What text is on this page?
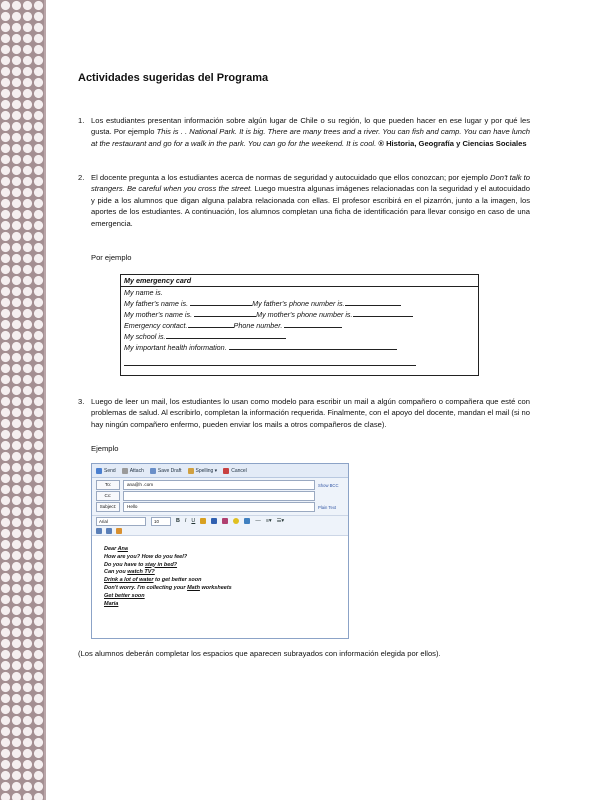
Actividades sugeridas del Programa
1. Los estudiantes presentan información sobre algún lugar de Chile o su región, lo que pueden hacer en ese lugar y por qué les gusta. Por ejemplo This is . . National Park. It is big. There are many trees and a river. You can fish and camp. You can have lunch at the restaurant and go for a walk in the park. You can go for the weekend. It is cool. ® Historia, Geografía y Ciencias Sociales
2. El docente pregunta a los estudiantes acerca de normas de seguridad y autocuidado que ellos conozcan; por ejemplo Don't talk to strangers. Be careful when you cross the street. Luego muestra algunas imágenes relacionadas con la seguridad y el autocuidado y pide a los alumnos que digan alguna palabra relacionada con ellas. El profesor escribirá en el pizarrón, junto a la imagen, los aportes de los estudiantes. A continuación, los alumnos completan una ficha de identificación para llevar consigo en caso de una emergencia.
Por ejemplo
My emergency card
My name is.
My father's name is.	My father's phone number is.
My mother's name is.	My mother's phone number is.
Emergency contact.	Phone number.
My school is.
My important health information.
3. Luego de leer un mail, los estudiantes lo usan como modelo para escribir un mail a algún compañero o compañera que esté con problemas de salud. Al escribirlo, completan la información requerida. Finalmente, con el apoyo del docente, mandan el mail (si no hay ningún compañero enfermo, pueden enviar los mails a otros compañeros de clase).
Ejemplo
Send	Attach	Save Draft	Spelling ▾	Cancel
To:	ana@h .com	Show BCC
Cc:
Subject:	Hello	Plain Text
Arial	10	B I U	— ≡▾ ☰▾
Dear Ana
How are you? How do you feel?
Do you have to stay in bed?
Can you watch TV?
Drink a lot of water to get better soon
Don't worry. I'm collecting your Math worksheets
Get better soon
Maria
(Los alumnos deberán completar los espacios que aparecen subrayados con información elegida por ellos).
